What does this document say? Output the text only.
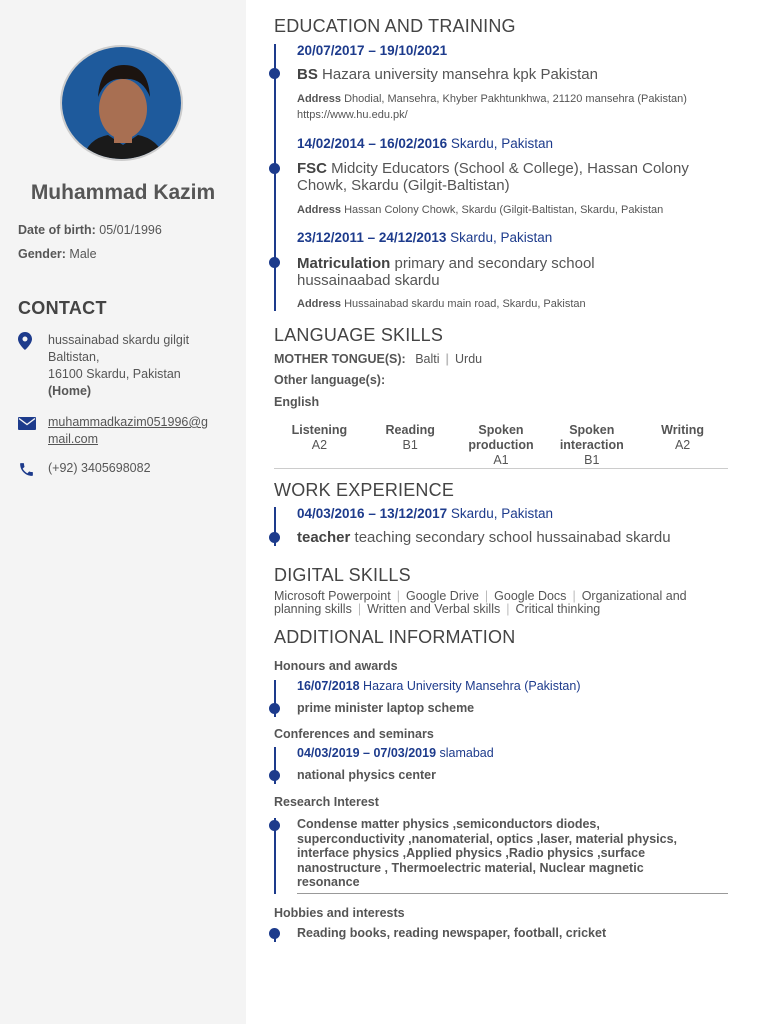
Muhammad Kazim
Date of birth: 05/01/1996
Gender: Male
CONTACT
hussainabad skardu gilgit
Baltistan,
16100 Skardu, Pakistan
(Home)
muhammadkazim051996@g
mail.com
(+92) 3405698082
EDUCATION AND TRAINING
20/07/2017 – 19/10/2021
BS Hazara university mansehra kpk Pakistan
Address Dhodial, Mansehra, Khyber Pakhtunkhwa, 21120 mansehra (Pakistan)
https://www.hu.edu.pk/
14/02/2014 – 16/02/2016 Skardu, Pakistan
FSC Midcity Educators (School & College), Hassan Colony
Chowk, Skardu (Gilgit-Baltistan)
Address Hassan Colony Chowk, Skardu (Gilgit-Baltistan, Skardu, Pakistan
23/12/2011 – 24/12/2013 Skardu, Pakistan
Matriculation primary and secondary school
hussainaabad skardu
Address Hussainabad skardu main road, Skardu, Pakistan
LANGUAGE SKILLS
MOTHER TONGUE(S): Balti | Urdu
Other language(s):
English
Listening
A2
Reading
B1
Spoken
production
A1
Spoken
interaction
B1
Writing
A2
WORK EXPERIENCE
04/03/2016 – 13/12/2017 Skardu, Pakistan
teacher teaching secondary school hussainabad skardu
DIGITAL SKILLS
Microsoft Powerpoint | Google Drive | Google Docs | Organizational and
planning skills | Written and Verbal skills | Critical thinking
ADDITIONAL INFORMATION
Honours and awards
16/07/2018 Hazara University Mansehra (Pakistan)
prime minister laptop scheme
Conferences and seminars
04/03/2019 – 07/03/2019 slamabad
national physics center
Research Interest
Condense matter physics ,semiconductors diodes,
superconductivity ,nanomaterial, optics ,laser, material physics,
interface physics ,Applied physics ,Radio physics ,surface
nanostructure , Thermoelectric material, Nuclear magnetic
resonance
Hobbies and interests
Reading books, reading newspaper, football, cricket
